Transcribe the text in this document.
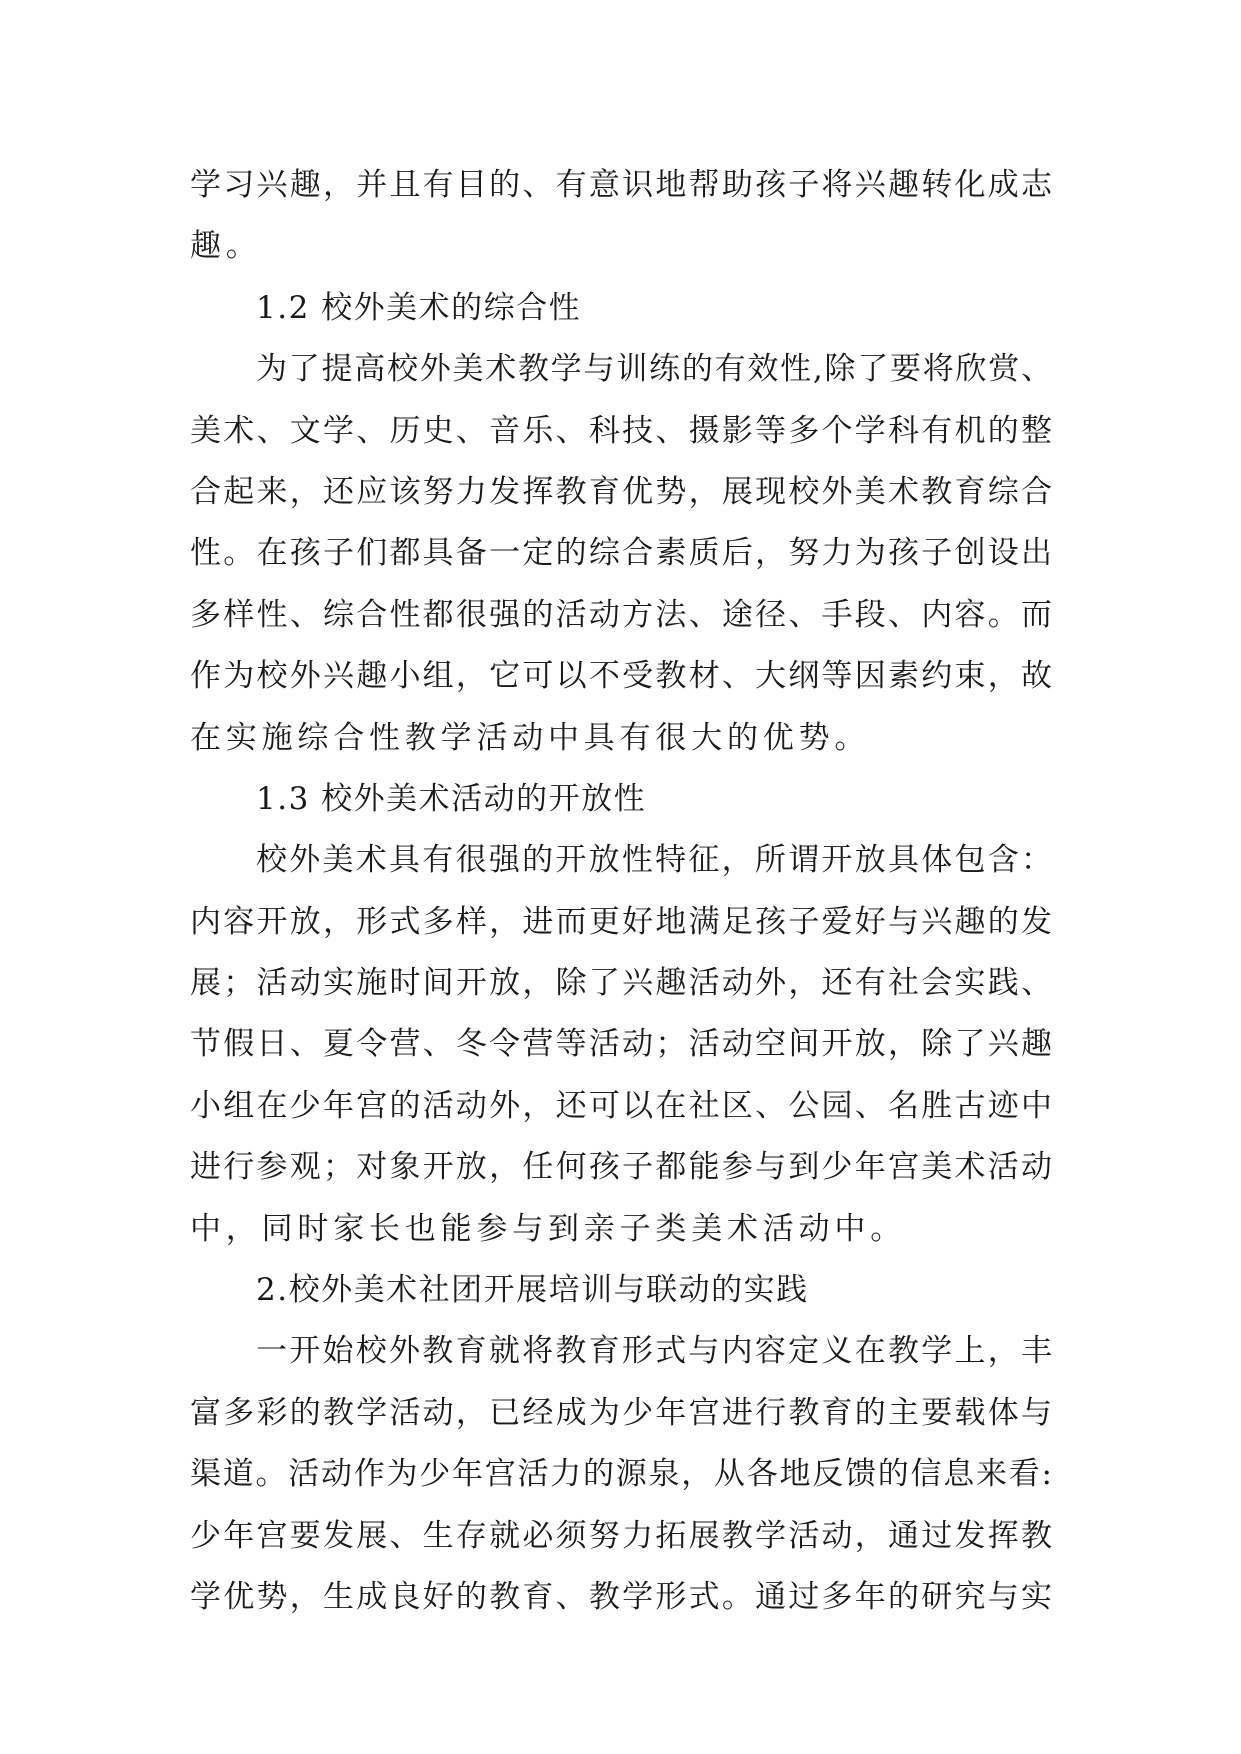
学习兴趣，并且有目的、有意识地帮助孩子将兴趣转化成志
趣。
1.2 校外美术的综合性
为了提高校外美术教学与训练的有效性,除了要将欣赏、
美术、文学、历史、音乐、科技、摄影等多个学科有机的整
合起来，还应该努力发挥教育优势，展现校外美术教育综合
性。在孩子们都具备一定的综合素质后，努力为孩子创设出
多样性、综合性都很强的活动方法、途径、手段、内容。而
作为校外兴趣小组，它可以不受教材、大纲等因素约束，故
在实施综合性教学活动中具有很大的优势。
1.3 校外美术活动的开放性
校外美术具有很强的开放性特征，所谓开放具体包含：
内容开放，形式多样，进而更好地满足孩子爱好与兴趣的发
展；活动实施时间开放，除了兴趣活动外，还有社会实践、
节假日、夏令营、冬令营等活动；活动空间开放，除了兴趣
小组在少年宫的活动外，还可以在社区、公园、名胜古迹中
进行参观；对象开放，任何孩子都能参与到少年宫美术活动
中，同时家长也能参与到亲子类美术活动中。
2.校外美术社团开展培训与联动的实践
一开始校外教育就将教育形式与内容定义在教学上，丰
富多彩的教学活动，已经成为少年宫进行教育的主要载体与
渠道。活动作为少年宫活力的源泉，从各地反馈的信息来看:
少年宫要发展、生存就必须努力拓展教学活动，通过发挥教
学优势，生成良好的教育、教学形式。通过多年的研究与实
